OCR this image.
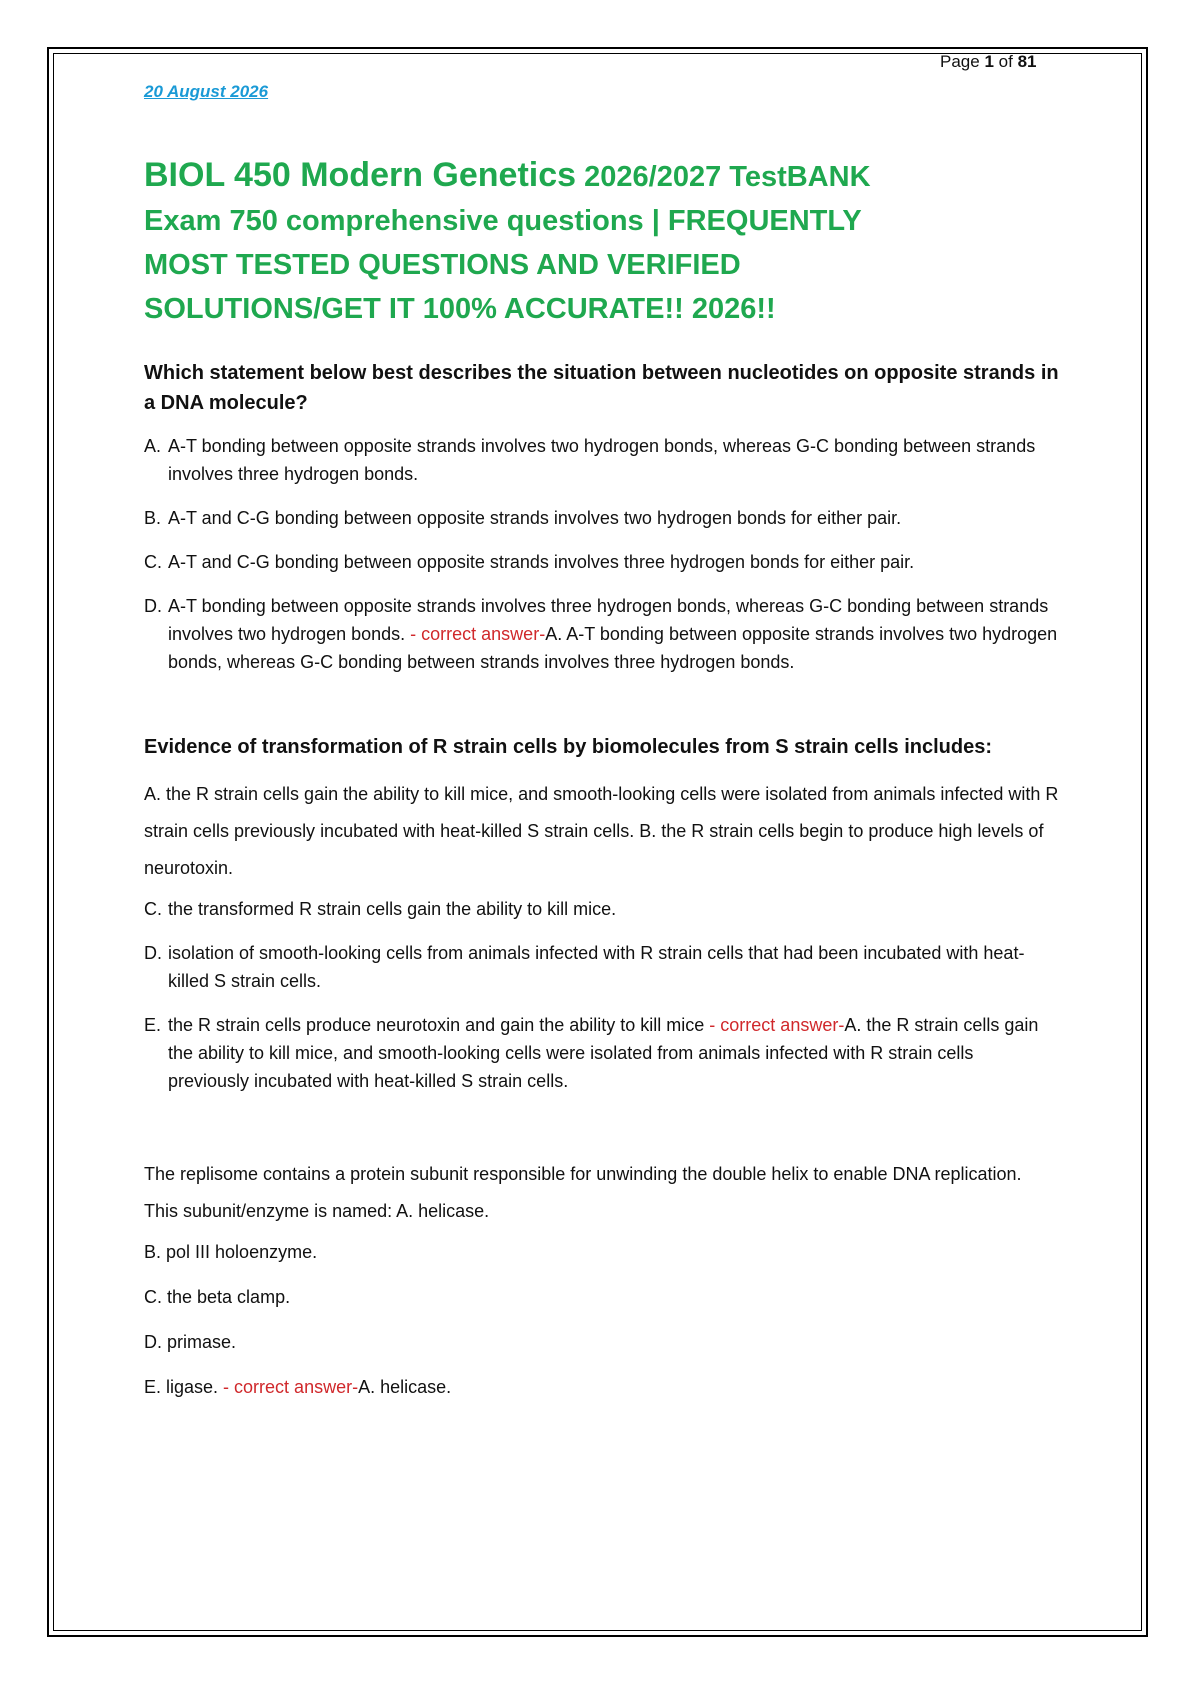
Page 1 of 81
20 August 2026
BIOL 450 Modern Genetics 2026/2027 TestBANK
Exam 750 comprehensive questions | FREQUENTLY
MOST TESTED QUESTIONS AND VERIFIED
SOLUTIONS/GET IT 100% ACCURATE!! 2026!!
Which statement below best describes the situation between nucleotides on opposite strands in a DNA molecule?
A. A-T bonding between opposite strands involves two hydrogen bonds, whereas G-C bonding between strands involves three hydrogen bonds.
B. A-T and C-G bonding between opposite strands involves two hydrogen bonds for either pair.
C. A-T and C-G bonding between opposite strands involves three hydrogen bonds for either pair.
D. A-T bonding between opposite strands involves three hydrogen bonds, whereas G-C bonding between strands involves two hydrogen bonds. - correct answer-A. A-T bonding between opposite strands involves two hydrogen bonds, whereas G-C bonding between strands involves three hydrogen bonds.
Evidence of transformation of R strain cells by biomolecules from S strain cells includes:
A. the R strain cells gain the ability to kill mice, and smooth-looking cells were isolated from animals infected with R strain cells previously incubated with heat-killed S strain cells. B. the R strain cells begin to produce high levels of neurotoxin.
C. the transformed R strain cells gain the ability to kill mice.
D. isolation of smooth-looking cells from animals infected with R strain cells that had been incubated with heat-killed S strain cells.
E. the R strain cells produce neurotoxin and gain the ability to kill mice - correct answer-A. the R strain cells gain the ability to kill mice, and smooth-looking cells were isolated from animals infected with R strain cells previously incubated with heat-killed S strain cells.
The replisome contains a protein subunit responsible for unwinding the double helix to enable DNA replication. This subunit/enzyme is named: A. helicase.
B. pol III holoenzyme.
C. the beta clamp.
D. primase.
E. ligase. - correct answer-A. helicase.
